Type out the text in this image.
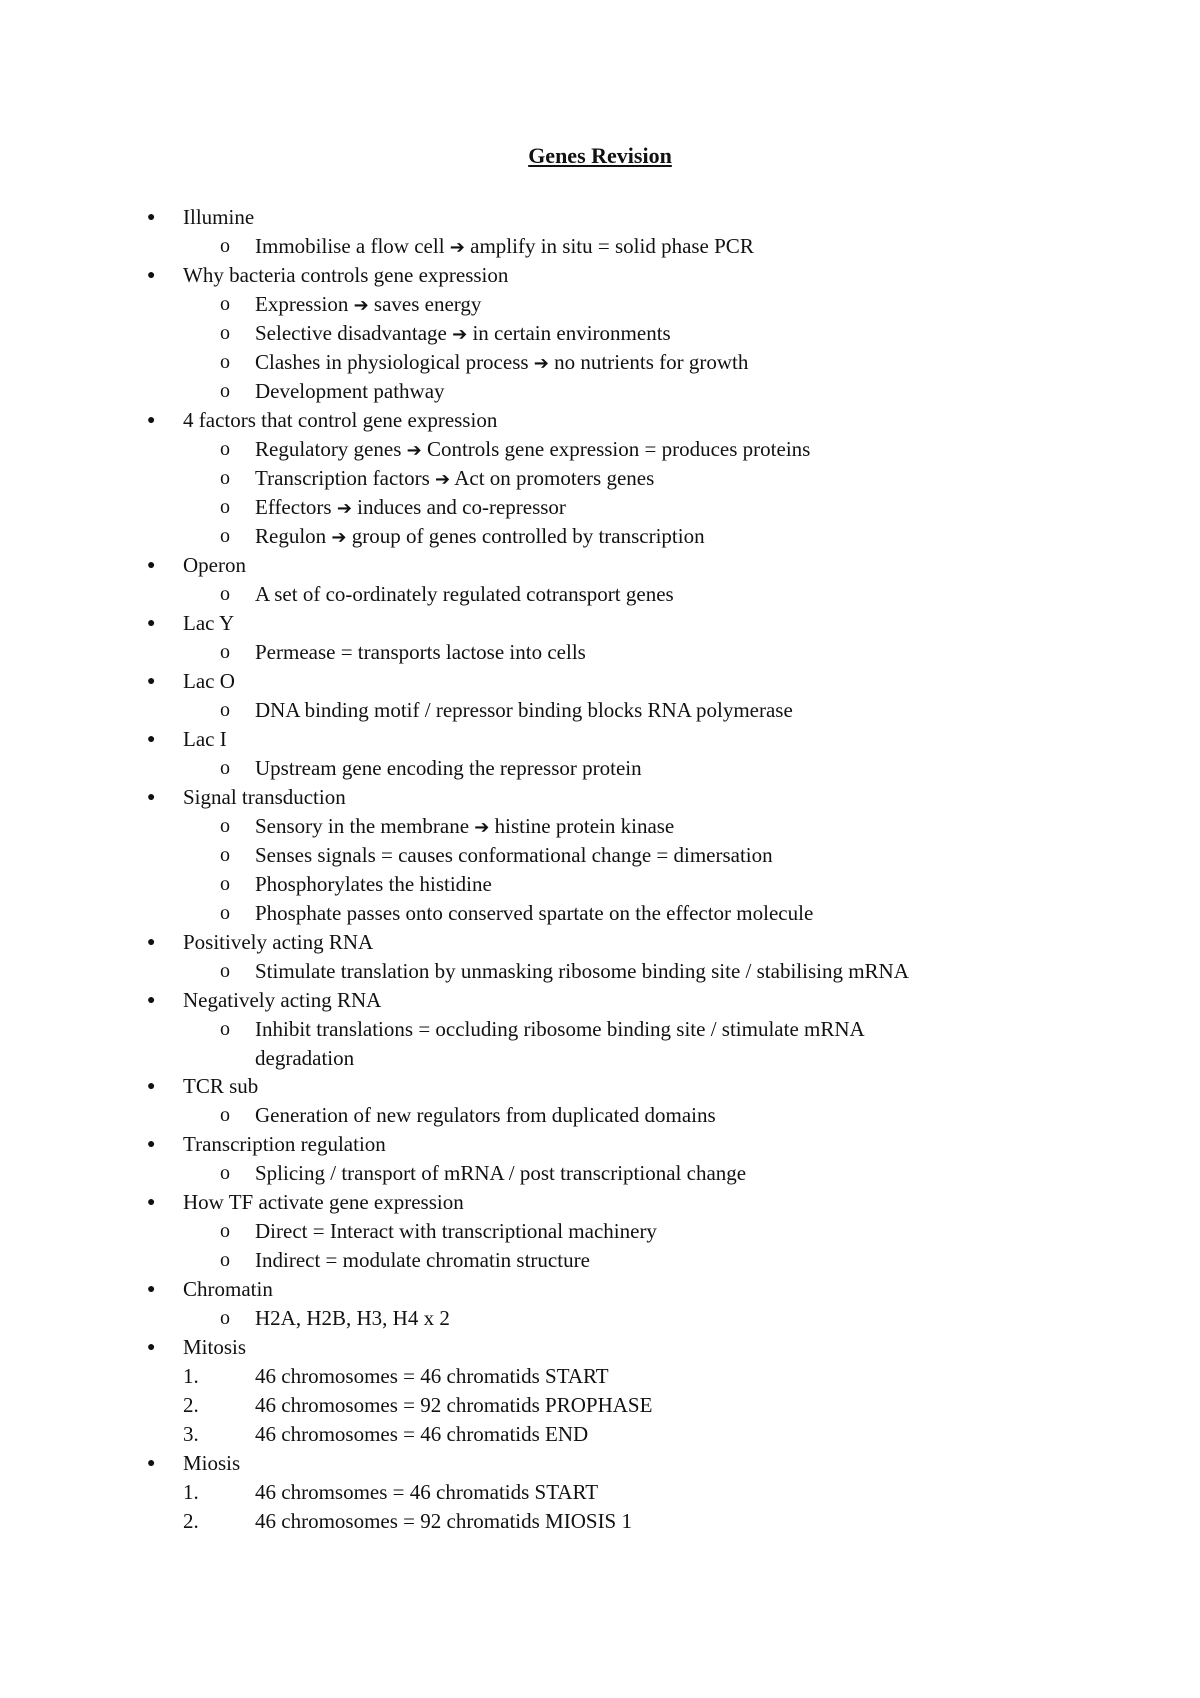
Genes Revision
● Illumine
o Immobilise a flow cell ➔ amplify in situ = solid phase PCR
● Why bacteria controls gene expression
o Expression ➔ saves energy
o Selective disadvantage ➔ in certain environments
o Clashes in physiological process ➔ no nutrients for growth
o Development pathway
● 4 factors that control gene expression
o Regulatory genes ➔ Controls gene expression = produces proteins
o Transcription factors ➔ Act on promoters genes
o Effectors ➔ induces and co-repressor
o Regulon ➔ group of genes controlled by transcription
● Operon
o A set of co-ordinately regulated cotransport genes
● Lac Y
o Permease = transports lactose into cells
● Lac O
o DNA binding motif / repressor binding blocks RNA polymerase
● Lac I
o Upstream gene encoding the repressor protein
● Signal transduction
o Sensory in the membrane ➔ histine protein kinase
o Senses signals = causes conformational change = dimersation
o Phosphorylates the histidine
o Phosphate passes onto conserved spartate on the effector molecule
● Positively acting RNA
o Stimulate translation by unmasking ribosome binding site / stabilising mRNA
● Negatively acting RNA
o Inhibit translations = occluding ribosome binding site / stimulate mRNA
degradation
● TCR sub
o Generation of new regulators from duplicated domains
● Transcription regulation
o Splicing / transport of mRNA / post transcriptional change
● How TF activate gene expression
o Direct = Interact with transcriptional machinery
o Indirect = modulate chromatin structure
● Chromatin
o H2A, H2B, H3, H4 x 2
● Mitosis
1.	46 chromosomes = 46 chromatids START
2.	46 chromosomes = 92 chromatids PROPHASE
3.	46 chromosomes = 46 chromatids END
● Miosis
1.	46 chromsomes = 46 chromatids START
2.	46 chromosomes = 92 chromatids MIOSIS 1
